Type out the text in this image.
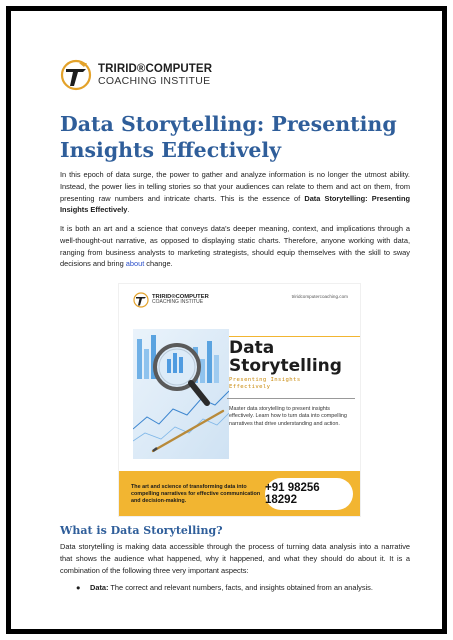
TRIRID®COMPUTER
COACHING INSTITUE
Data Storytelling: Presenting
Insights Effectively

In this epoch of data surge, the power to gather and analyze information is no longer the utmost ability. Instead, the power lies in telling stories so that your audiences can relate to them and act on them, from presenting raw numbers and intricate charts. This is the essence of Data Storytelling: Presenting Insights Effectively.

It is both an art and a science that conveys data's deeper meaning, context, and implications through a well-thought-out narrative, as opposed to displaying static charts. Therefore, anyone working with data, ranging from business analysts to marketing strategists, should equip themselves with the skill to sway decisions and bring about change.

TRIRID®COMPUTER
COACHING INSTITUE
triridcomputercoaching.com
Data
Storytelling
Presenting Insights
Effectively
Master data storytelling to present insights effectively. Learn how to turn data into compelling narratives that drive understanding and action.
The art and science of transforming data into compelling narratives for effective communication and decision-making.
+91 98256 18292
What is Data Storytelling?

Data storytelling is making data accessible through the process of turning data analysis into a narrative that shows the audience what happened, why it happened, and what they should do about it. It is a combination of the following three very important aspects:

●	Data: The correct and relevant numbers, facts, and insights obtained from an analysis.
